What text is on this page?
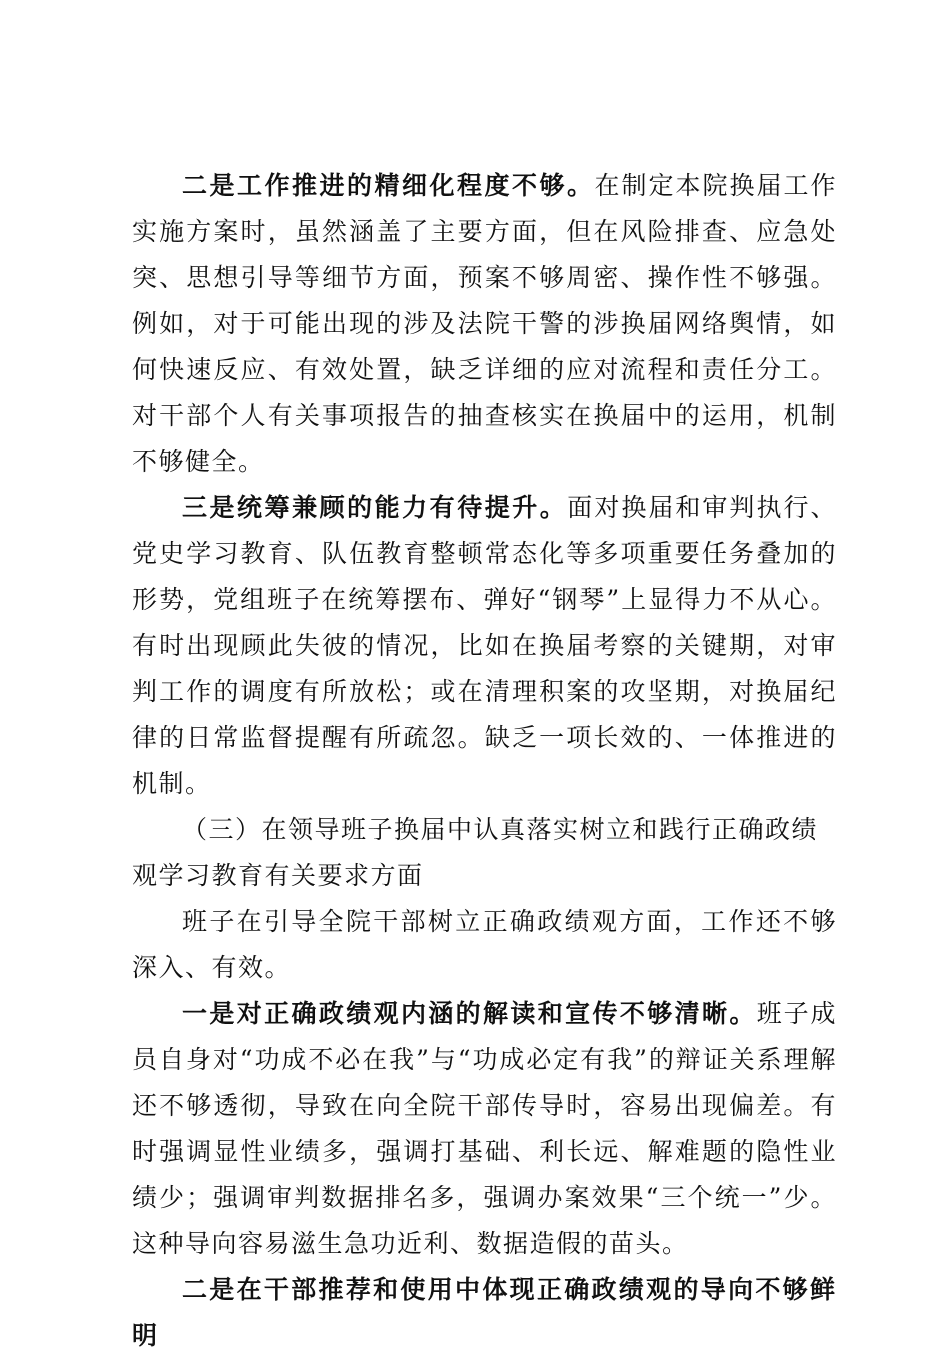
二是工作推进的精细化程度不够。在制定本院换届工作实施方案时，虽然涵盖了主要方面，但在风险排查、应急处突、思想引导等细节方面，预案不够周密、操作性不够强。例如，对于可能出现的涉及法院干警的涉换届网络舆情，如何快速反应、有效处置，缺乏详细的应对流程和责任分工。对干部个人有关事项报告的抽查核实在换届中的运用，机制不够健全。

三是统筹兼顾的能力有待提升。面对换届和审判执行、党史学习教育、队伍教育整顿常态化等多项重要任务叠加的形势，党组班子在统筹摆布、弹好“钢琴”上显得力不从心。有时出现顾此失彼的情况，比如在换届考察的关键期，对审判工作的调度有所放松；或在清理积案的攻坚期，对换届纪律的日常监督提醒有所疏忽。缺乏一项长效的、一体推进的机制。

（三）在领导班子换届中认真落实树立和践行正确政绩观学习教育有关要求方面

班子在引导全院干部树立正确政绩观方面，工作还不够深入、有效。

一是对正确政绩观内涵的解读和宣传不够清晰。班子成员自身对“功成不必在我”与“功成必定有我”的辩证关系理解还不够透彻，导致在向全院干部传导时，容易出现偏差。有时强调显性业绩多，强调打基础、利长远、解难题的隐性业绩少；强调审判数据排名多，强调办案效果“三个统一”少。这种导向容易滋生急功近利、数据造假的苗头。

二是在干部推荐和使用中体现正确政绩观的导向不够鲜明
